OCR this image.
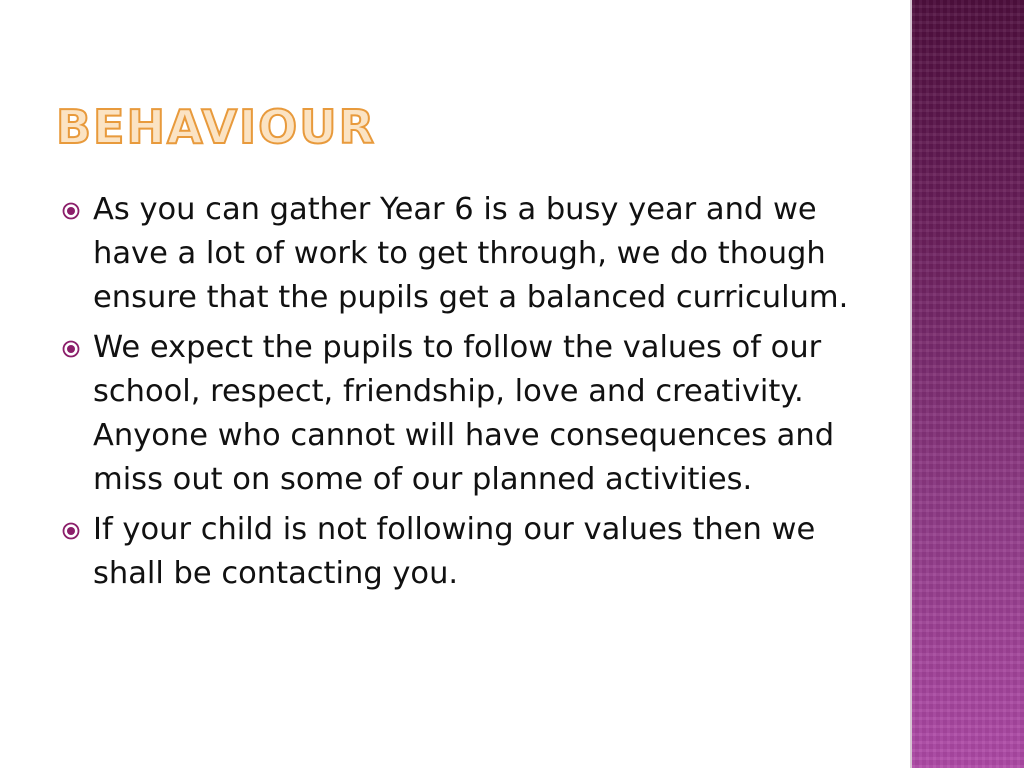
BEHAVIOUR
As you can gather Year 6 is a busy year and we have a lot of work to get through, we do though ensure that the pupils get a balanced curriculum.
We expect the pupils to follow the values of our school, respect, friendship, love and creativity. Anyone who cannot will have consequences and miss out on some of our planned activities.
If your child is not following our values then we shall be contacting you.
